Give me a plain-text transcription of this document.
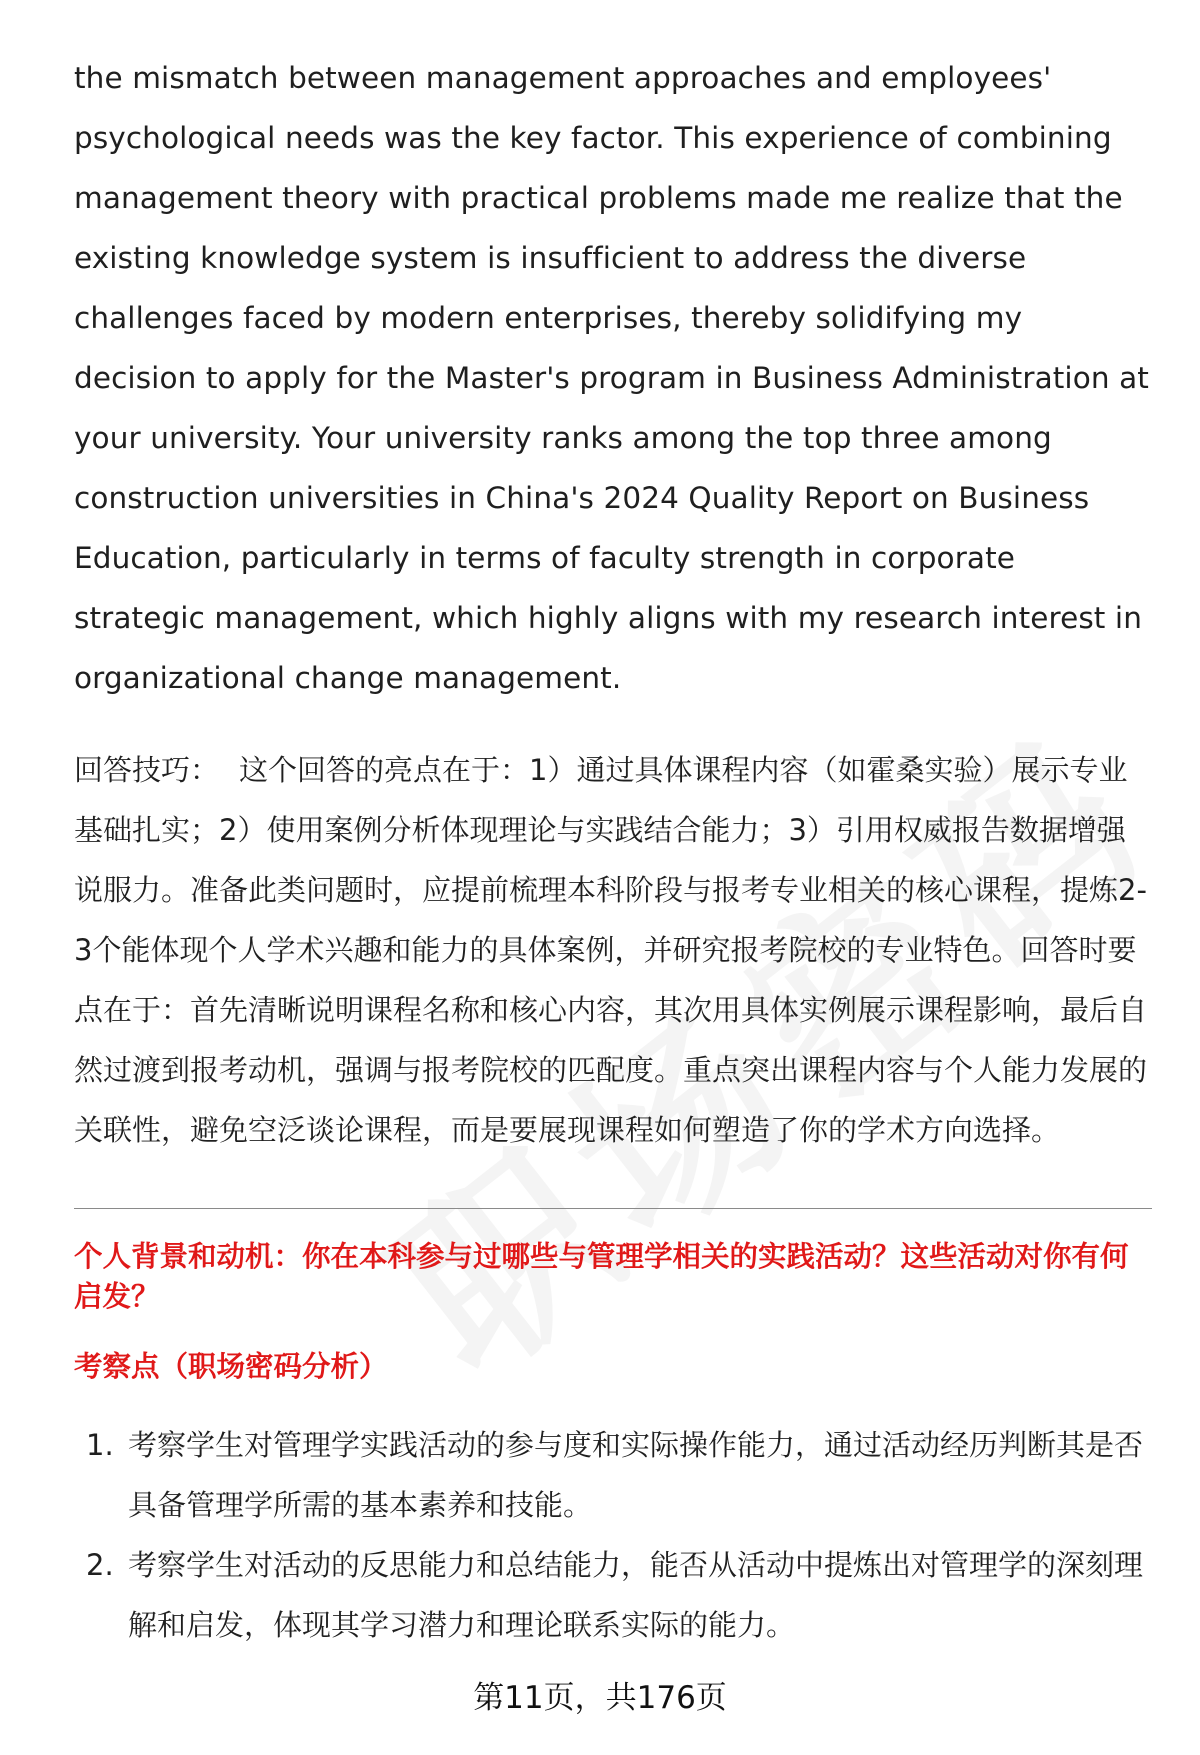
the mismatch between management approaches and employees' psychological needs was the key factor. This experience of combining management theory with practical problems made me realize that the existing knowledge system is insufficient to address the diverse challenges faced by modern enterprises, thereby solidifying my decision to apply for the Master's program in Business Administration at your university. Your university ranks among the top three among construction universities in China's 2024 Quality Report on Business Education, particularly in terms of faculty strength in corporate strategic management, which highly aligns with my research interest in organizational change management.

回答技巧： 这个回答的亮点在于：1）通过具体课程内容（如霍桑实验）展示专业基础扎实；2）使用案例分析体现理论与实践结合能力；3）引用权威报告数据增强说服力。准备此类问题时，应提前梳理本科阶段与报考专业相关的核心课程，提炼2-3个能体现个人学术兴趣和能力的具体案例，并研究报考院校的专业特色。回答时要点在于：首先清晰说明课程名称和核心内容，其次用具体实例展示课程影响，最后自然过渡到报考动机，强调与报考院校的匹配度。重点突出课程内容与个人能力发展的关联性，避免空泛谈论课程，而是要展现课程如何塑造了你的学术方向选择。

个人背景和动机：你在本科参与过哪些与管理学相关的实践活动？这些活动对你有何启发？

考察点（职场密码分析）

1. 考察学生对管理学实践活动的参与度和实际操作能力，通过活动经历判断其是否具备管理学所需的基本素养和技能。
2. 考察学生对活动的反思能力和总结能力，能否从活动中提炼出对管理学的深刻理解和启发，体现其学习潜力和理论联系实际的能力。
第11页，共176页
